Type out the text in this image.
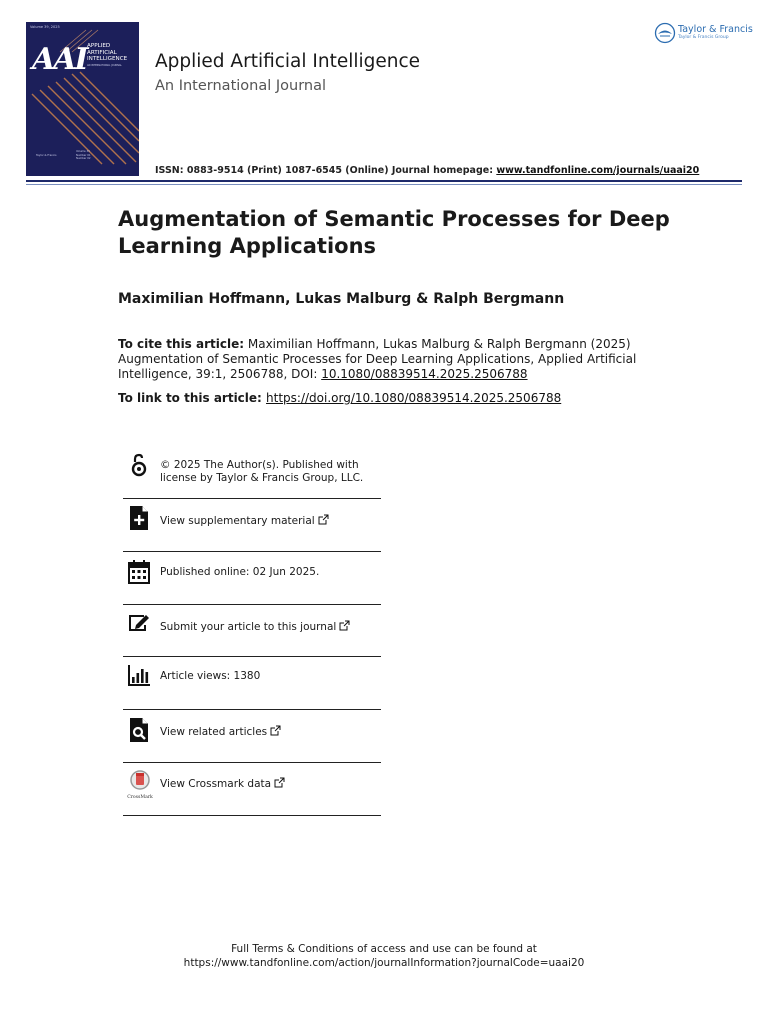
Volume 39, 2025
AAI APPLIED
ARTIFICIAL
INTELLIGENCE
AN INTERNATIONAL JOURNAL
Taylor & Francis
Volume 39
Number 01
Number 02
Applied Artificial Intelligence
An International Journal
ISSN: 0883-9514 (Print) 1087-6545 (Online) Journal homepage: www.tandfonline.com/journals/uaai20
Taylor & Francis
Taylor & Francis Group
Augmentation of Semantic Processes for Deep Learning Applications
Maximilian Hoffmann, Lukas Malburg & Ralph Bergmann
To cite this article: Maximilian Hoffmann, Lukas Malburg & Ralph Bergmann (2025) Augmentation of Semantic Processes for Deep Learning Applications, Applied Artificial Intelligence, 39:1, 2506788, DOI: 10.1080/08839514.2025.2506788
To link to this article: https://doi.org/10.1080/08839514.2025.2506788
© 2025 The Author(s). Published with
license by Taylor & Francis Group, LLC.
View supplementary material
Published online: 02 Jun 2025.
Submit your article to this journal
Article views: 1380
View related articles
CrossMark
View Crossmark data
Full Terms & Conditions of access and use can be found at
https://www.tandfonline.com/action/journalInformation?journalCode=uaai20
